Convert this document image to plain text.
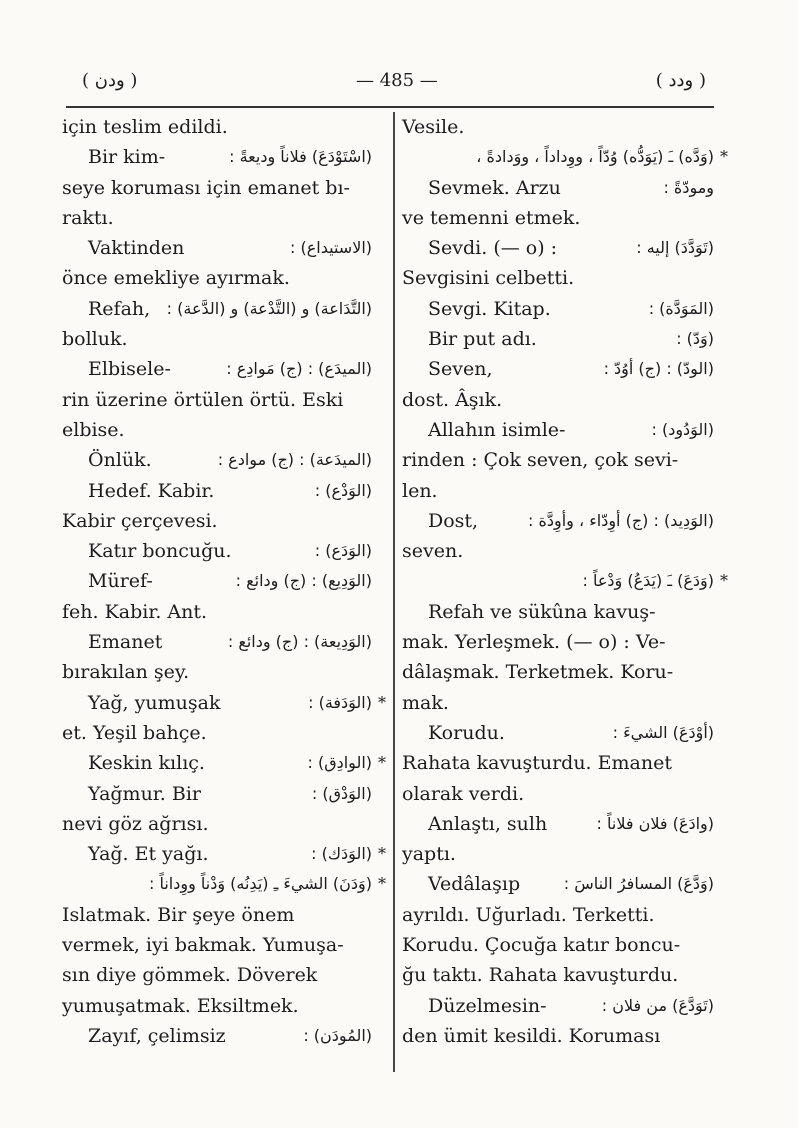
( ودن )	— 485 —	( ودد )
için teslim edildi.
Bir kim-	(اسْتَوْدَعَ) فلاناً وديعةً :
seye koruması için emanet bı-
raktı.
Vaktinden	(الاستيداع) :
önce emekliye ayırmak.
Refah, (التَّدَاعة) و (التَّدْعة) و (الدَّعة) :
bolluk.
Elbisele-	(الميدَع) : (ج) مَوادِع :
rin üzerine örtülen örtü. Eski
elbise.
Önlük.	(الميدَعة) : (ج) موادع :
Hedef. Kabir.	(الوَدْع) :
Kabir çerçevesi.
Katır boncuğu.	(الوَدَع) :
Müref-	(الوَدِيع) : (ج) ودائع :
feh. Kabir. Ant.
Emanet	(الوَدِيعة) : (ج) ودائع :
bırakılan şey.
Yağ, yumuşak	(الوَدَفة) : *
et. Yeşil bahçe.
Keskin kılıç.	(الوادِق) : *
Yağmur. Bir	(الوَدْق) :
nevi göz ağrısı.
Yağ. Et yağı.	(الوَدَك) : *
(وَدَنَ) الشيءَ ـِ (يَدِنُه) وَدْناً ووِداناً : *
Islatmak. Bir şeye önem
vermek, iyi bakmak. Yumuşa-
sın diye gömmek. Döverek
yumuşatmak. Eksiltmek.
Zayıf, çelimsiz	(المُودَن) :
Vesile.
(وَدَّه) ـَ (يَوَدُّه) وُدّاً ، ووِداداً ، ووَدادةً ، *
Sevmek. Arzu	ومودّةً :
ve temenni etmek.
Sevdi. (— o) :	(تَوَدَّدَ) إليه :
Sevgisini celbetti.
Sevgi. Kitap.	(المَوَدَّة) :
Bir put adı.	(وَدّ) :
Seven,	(الودّ) : (ج) أوُدّ :
dost. Âşık.
Allahın isimle-	(الوَدُود) :
rinden : Çok seven, çok sevi-
len.
Dost,	(الوَدِيد) : (ج) أوِدّاء ، وأوِدَّة :
seven.
(وَدَعَ) ـَ (يَدَعُ) وَدْعاً : *
Refah ve sükûna kavuş-
mak. Yerleşmek. (— o) : Ve-
dâlaşmak. Terketmek. Koru-
mak.
Korudu.	(أوْدَعَ) الشيءَ :
Rahata kavuşturdu. Emanet
olarak verdi.
Anlaştı, sulh	(وادَعَ) فلان فلاناً :
yaptı.
Vedâlaşıp	(وَدَّعَ) المسافرُ الناسَ :
ayrıldı. Uğurladı. Terketti.
Korudu. Çocuğa katır boncu-
ğu taktı. Rahata kavuşturdu.
Düzelmesin-	(تَوَدَّعَ) من فلان :
den ümit kesildi. Koruması
